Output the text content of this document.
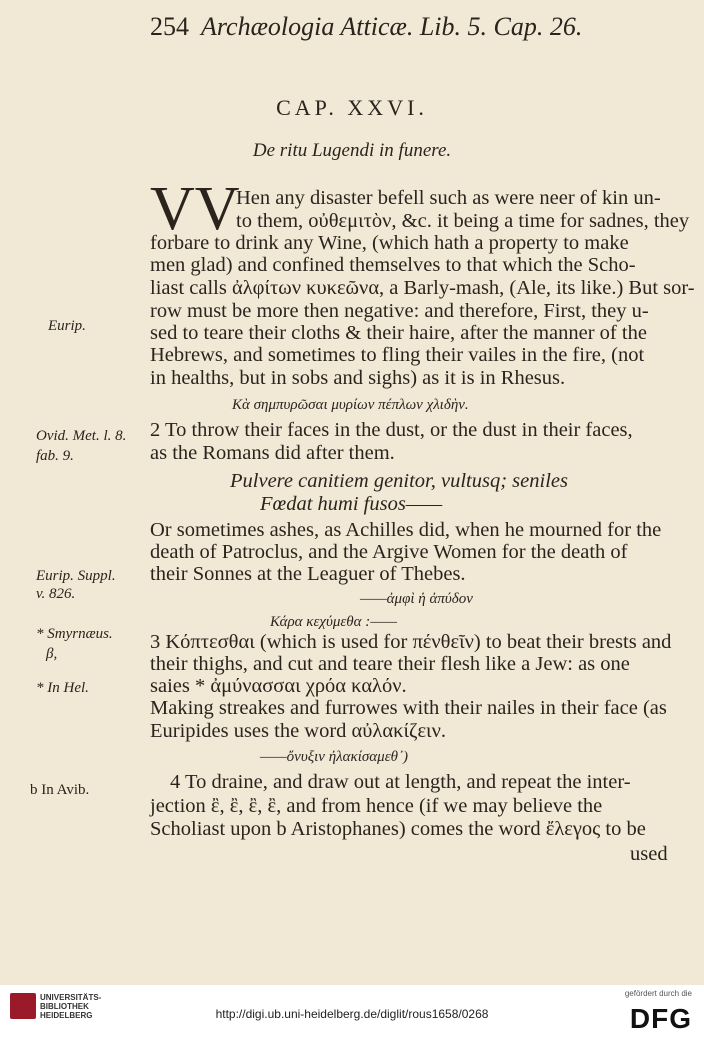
254 Archæologia Atticæ. Lib. 5. Cap. 26.
CAP. XXVI.
De ritu Lugendi in funere.
VV
Hen any disaster befell such as were neer of kin un-
to them, οὐθεμιτὸν, &c. it being a time for sadnes, they
forbare to drink any Wine, (which hath a property to make
men glad) and confined themselves to that which the Scho-
liast calls ἀλφίτων κυκεῶνα, a Barly-mash, (Ale, its like.) But sor-
row must be more then negative: and therefore, First, they u-
sed to teare their cloths & their haire, after the manner of the
Hebrews, and sometimes to fling their vailes in the fire, (not
in healths, but in sobs and sighs) as it is in Rhesus.
Κὰ σημπυρῶσαι μυρίων πέπλων χλιδὴν.
2 To throw their faces in the dust, or the dust in their faces,
as the Romans did after them.
Pulvere canitiem genitor, vultusq; seniles
Fœdat humi fusos——
Or sometimes ashes, as Achilles did, when he mourned for the
death of Patroclus, and the Argive Women for the death of
their Sonnes at the Leaguer of Thebes.
——ἀμφὶ ἡ ἀπύδον
Κάρα κεχύμεθα :——
3 Κόπτεσθαι (which is used for πένθεῖν) to beat their brests and
their thighs, and cut and teare their flesh like a Jew: as one
saies * ἀμύνασσαι χρόα καλόν.
Making streakes and furrowes with their nailes in their face (as
Euripides uses the word αὐλακίζειν.
——ὄνυξιν ἠλακίσαμεθ᾽)
4 To draine, and draw out at length, and repeat the inter-
jection ἒ, ἒ, ἒ, ἒ, and from hence (if we may believe the
Scholiast upon b Aristophanes) comes the word ἔλεγος to be
used
Eurip.
Ovid. Met. l. 8.
fab. 9.
Eurip. Suppl.
v. 826.
* Smyrnæus.
β,
* In Hel.
b In Avib.
UNIVERSITÄTS-BIBLIOTHEK HEIDELBERG	http://digi.ub.uni-heidelberg.de/diglit/rous1658/0268
gefördert durch die
DFG
